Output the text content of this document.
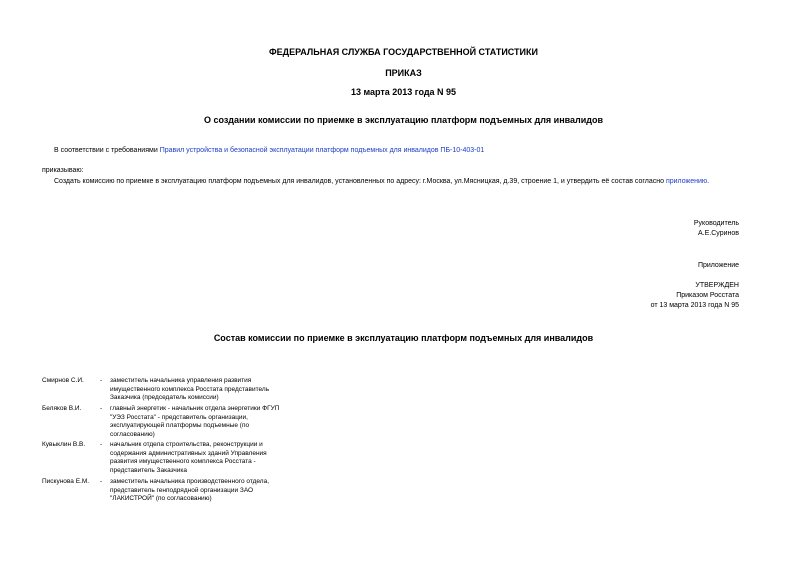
ФЕДЕРАЛЬНАЯ СЛУЖБА ГОСУДАРСТВЕННОЙ СТАТИСТИКИ
ПРИКАЗ
13 марта 2013 года N 95
О создании комиссии по приемке в эксплуатацию платформ подъемных для инвалидов
В соответствии с требованиями Правил устройства и безопасной эксплуатации платформ подъемных для инвалидов ПБ-10-403-01
приказываю:
Создать комиссию по приемке в эксплуатацию платформ подъемных для инвалидов, установленных по адресу: г.Москва, ул.Мясницкая, д.39, строение 1, и утвердить её состав согласно приложению.
Руководитель
А.Е.Суринов
Приложение
УТВЕРЖДЕН
Приказом Росстата
от 13 марта 2013 года N 95
Состав комиссии по приемке в эксплуатацию платформ подъемных для инвалидов
Смирнов С.И. - заместитель начальника управления развития
имущественного комплекса Росстата представитель
Заказчика (председатель комиссии)
Беляков В.И.	- главный энергетик - начальник отдела энергетики ФГУП
"УЭЗ Росстата" - представитель организации,
эксплуатирующей платформы подъемные (по
согласованию)
Кувыклин В.В. - начальник отдела строительства, реконструкции и
содержания административных зданий Управления
развития имущественного комплекса Росстата -
представитель Заказчика
Пискунова Е.М. - заместитель начальника производственного отдела,
представитель генподрядной организации ЗАО
"ЛАКИСТРОЙ" (по согласованию)
